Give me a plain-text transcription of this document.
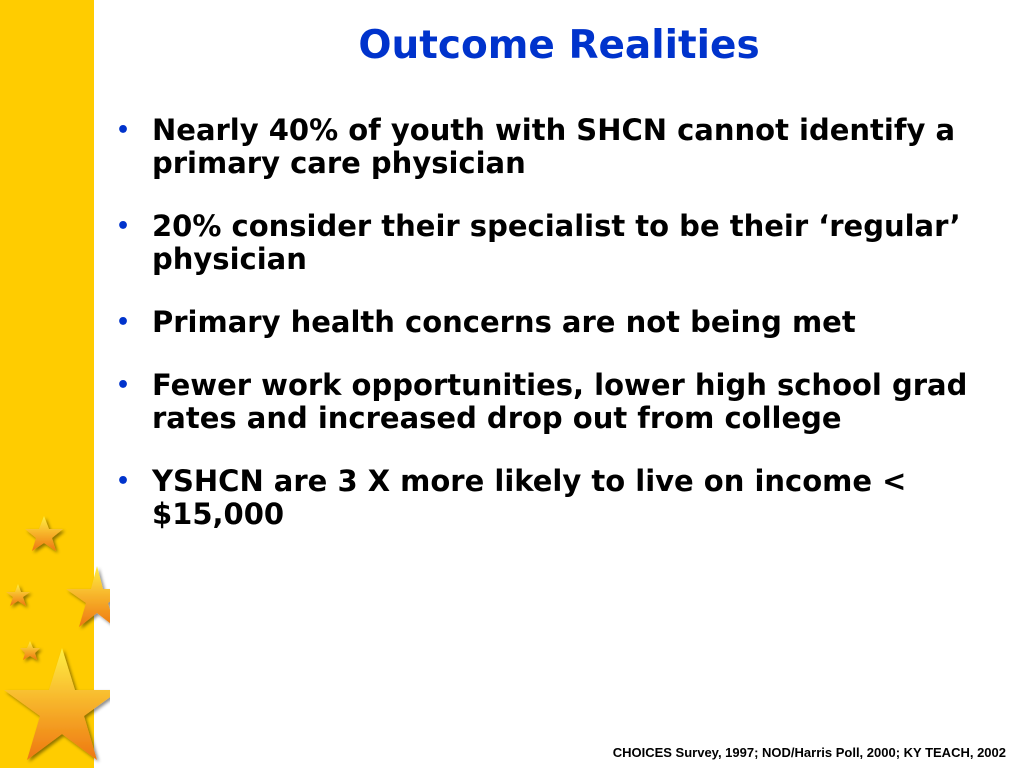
Outcome Realities
• Nearly 40% of youth with SHCN cannot identify a primary care physician
• 20% consider their specialist to be their ‘regular’ physician
• Primary health concerns are not being met
• Fewer work opportunities, lower high school grad rates and increased drop out from college
• YSHCN are 3 X more likely to live on income < $15,000
CHOICES Survey, 1997; NOD/Harris Poll, 2000; KY TEACH, 2002
